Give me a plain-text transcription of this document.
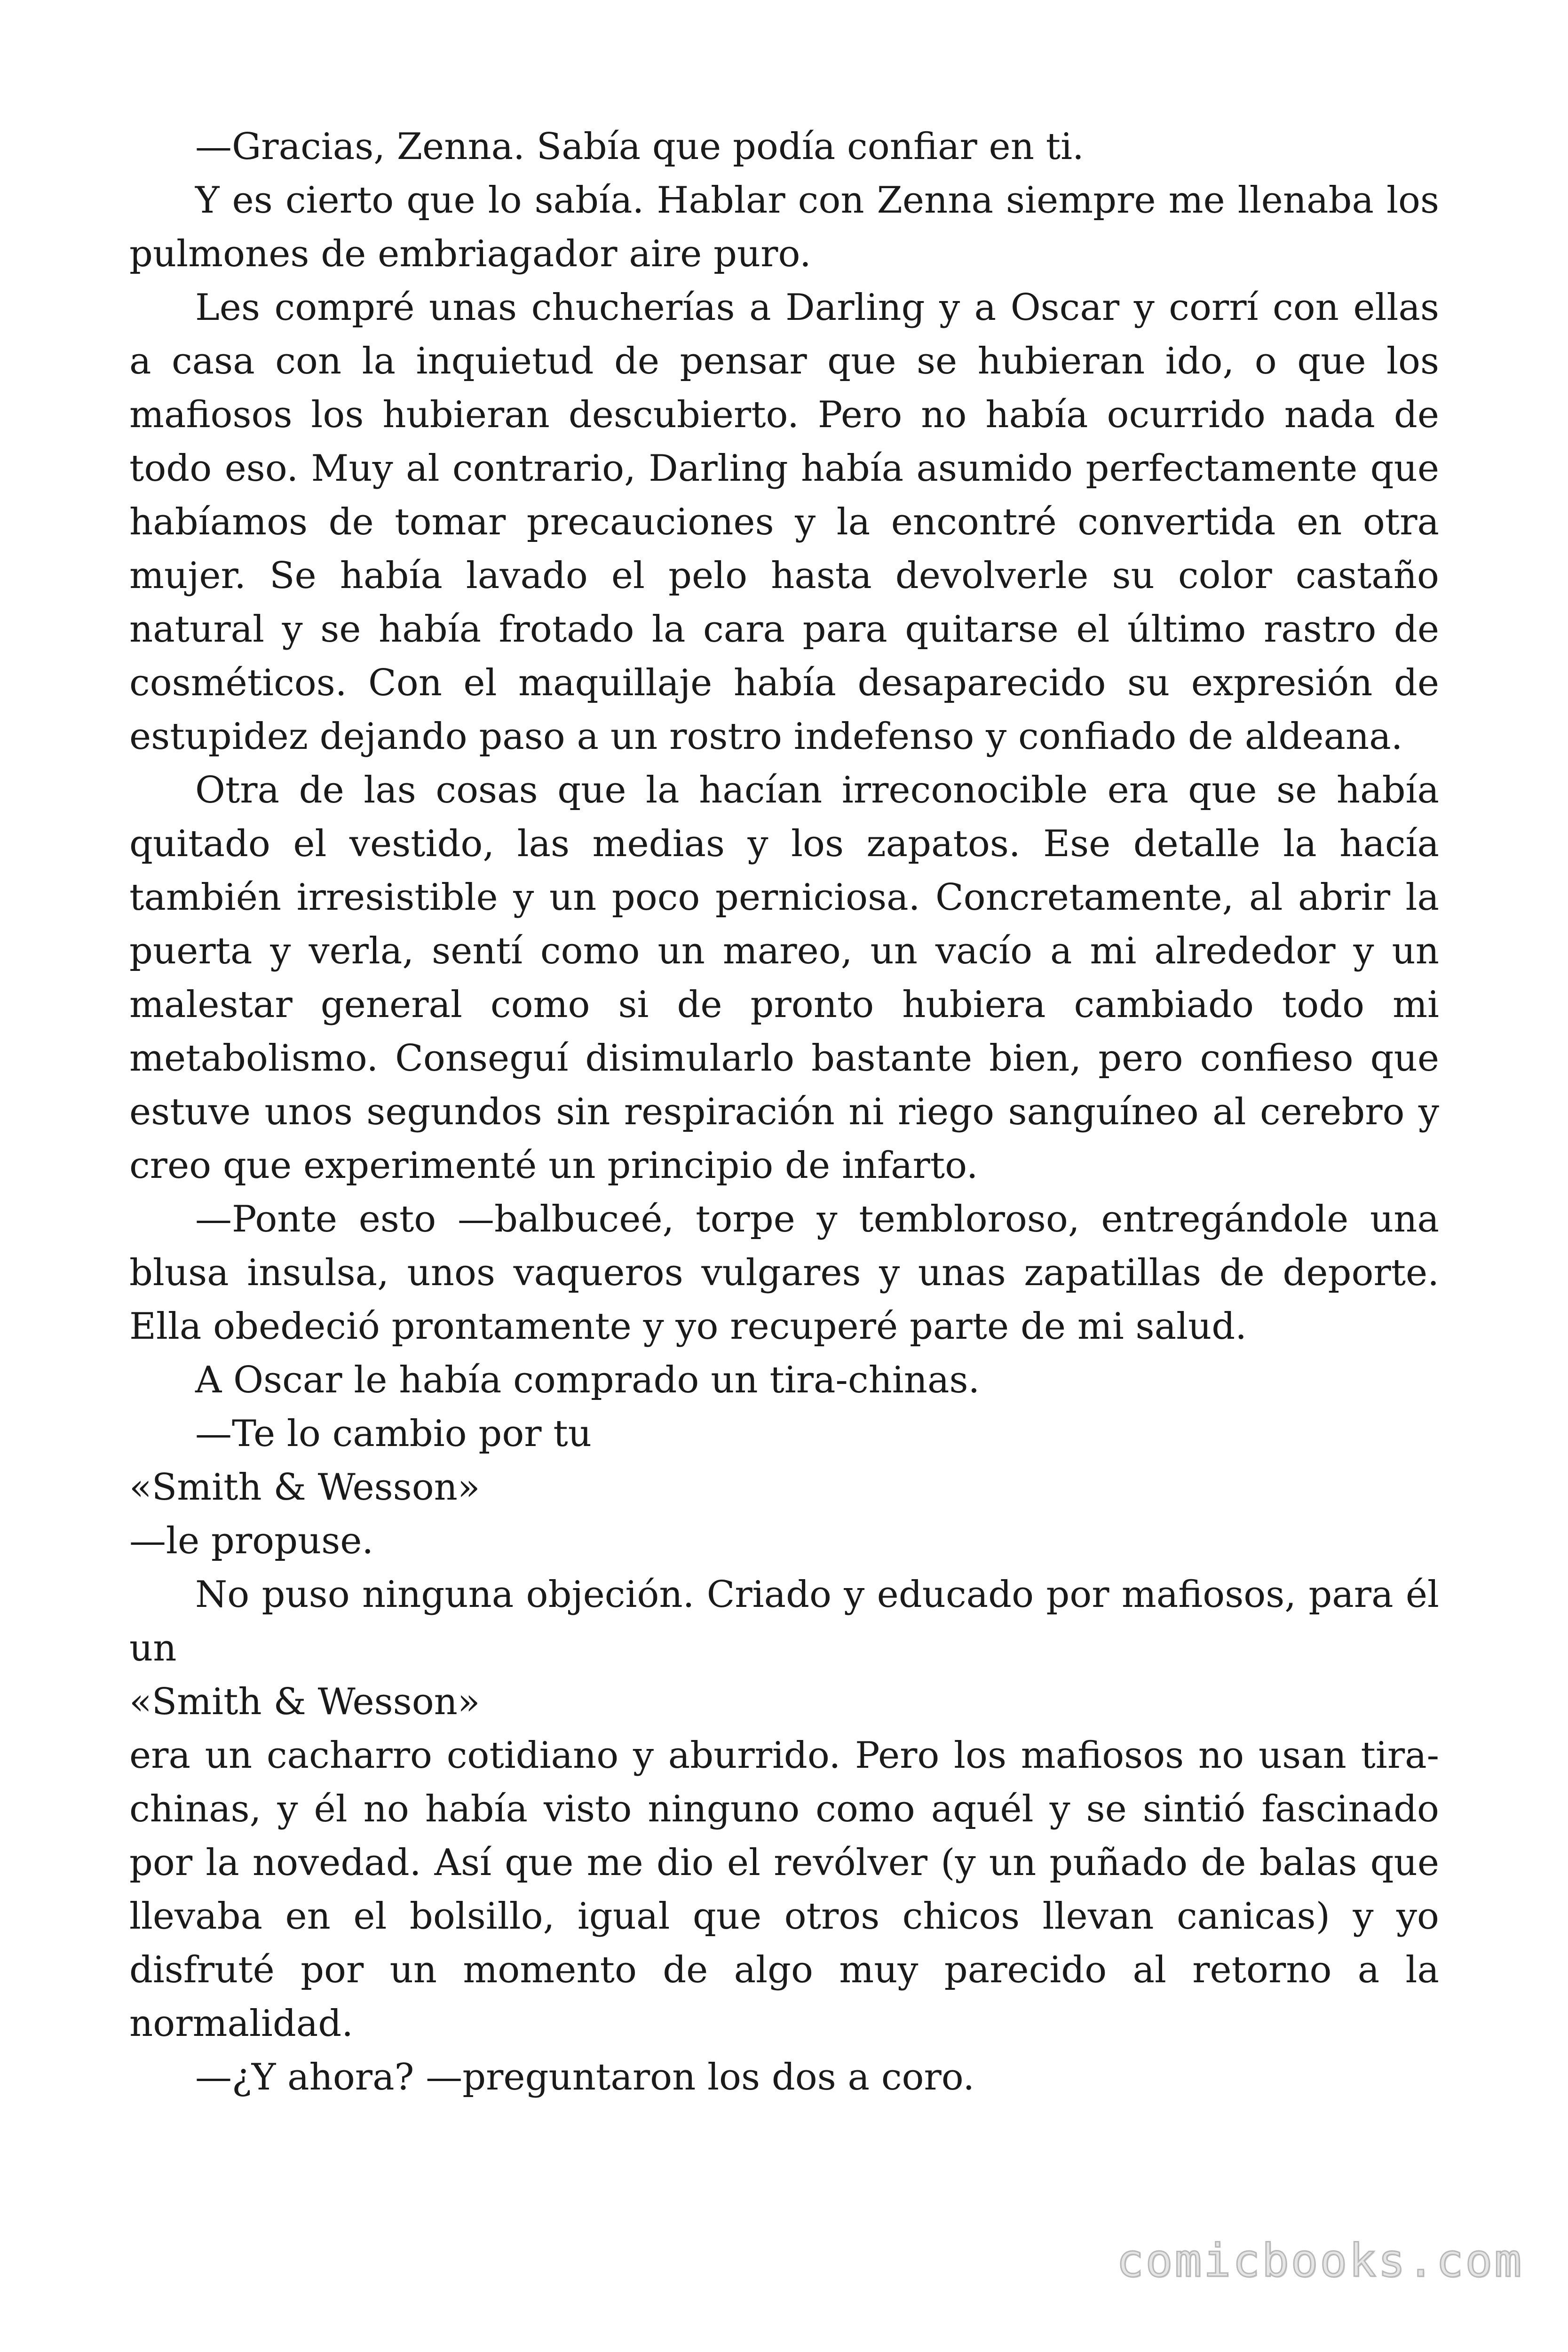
—Gracias, Zenna. Sabía que podía confiar en ti.

Y es cierto que lo sabía. Hablar con Zenna siempre me llenaba los pulmones de embriagador aire puro.

Les compré unas chucherías a Darling y a Oscar y corrí con ellas a casa con la inquietud de pensar que se hubieran ido, o que los mafiosos los hubieran descubierto. Pero no había ocurrido nada de todo eso. Muy al contrario, Darling había asumido perfectamente que habíamos de tomar precauciones y la encontré convertida en otra mujer. Se había lavado el pelo hasta devolverle su color castaño natural y se había frotado la cara para quitarse el último rastro de cosméticos. Con el maquillaje había desaparecido su expresión de estupidez dejando paso a un rostro indefenso y confiado de aldeana.

Otra de las cosas que la hacían irreconocible era que se había quitado el vestido, las medias y los zapatos. Ese detalle la hacía también irresistible y un poco perniciosa. Concretamente, al abrir la puerta y verla, sentí como un mareo, un vacío a mi alrededor y un malestar general como si de pronto hubiera cambiado todo mi metabolismo. Conseguí disimularlo bastante bien, pero confieso que estuve unos segundos sin respiración ni riego sanguíneo al cerebro y creo que experimenté un principio de infarto.

—Ponte esto —balbuceé, torpe y tembloroso, entregándole una blusa insulsa, unos vaqueros vulgares y unas zapatillas de deporte. Ella obedeció prontamente y yo recuperé parte de mi salud.

A Oscar le había comprado un tira-chinas.

—Te lo cambio por tu

«Smith & Wesson»

—le propuse.

No puso ninguna objeción. Criado y educado por mafiosos, para él un

«Smith & Wesson»

era un cacharro cotidiano y aburrido. Pero los mafiosos no usan tira-chinas, y él no había visto ninguno como aquél y se sintió fascinado por la novedad. Así que me dio el revólver (y un puñado de balas que llevaba en el bolsillo, igual que otros chicos llevan canicas) y yo disfruté por un momento de algo muy parecido al retorno a la normalidad.

—¿Y ahora? —preguntaron los dos a coro.

comicbooks.com
